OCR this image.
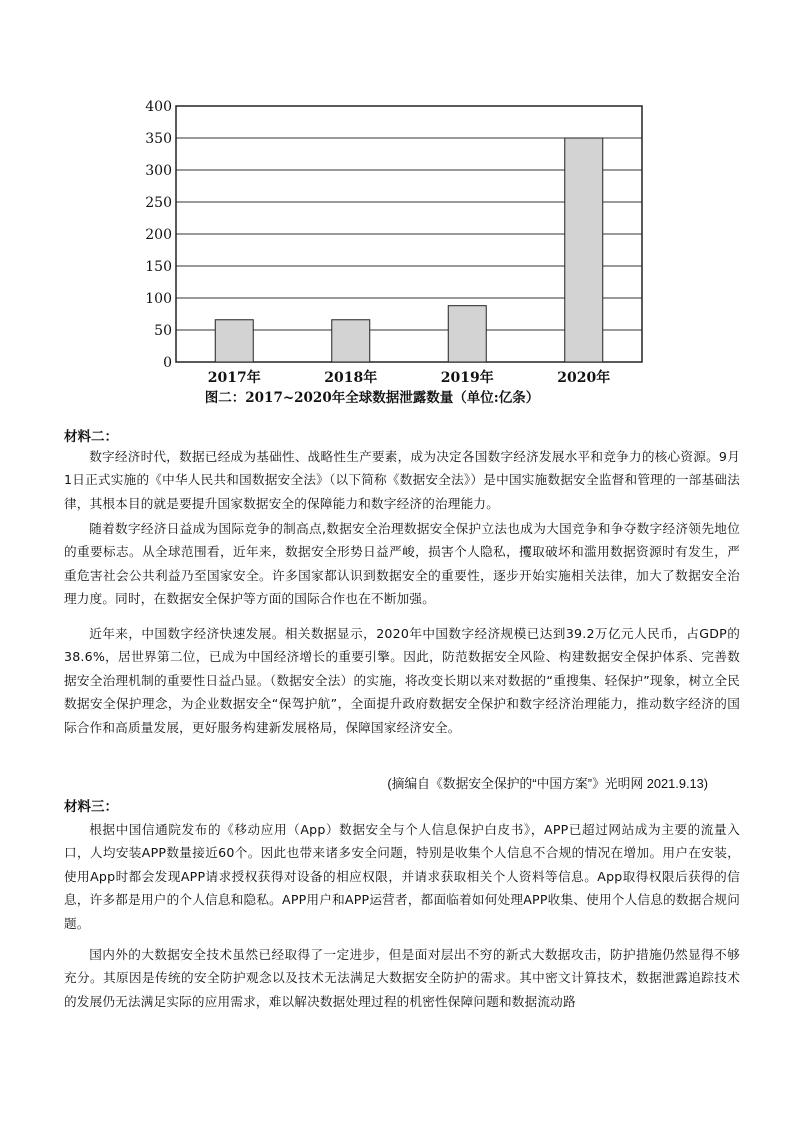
0
50
100
150
200
250
300
350
400
2017年	2018年	2019年	2020年
图二：2017~2020年全球数据泄露数量（单位:亿条）

材料二：

数字经济时代，数据已经成为基础性、战略性生产要素，成为决定各国数字经济发展水平和竞争力的核心资源。9月1日正式实施的《中华人民共和国数据安全法》（以下简称《数据安全法》）是中国实施数据安全监督和管理的一部基础法律，其根本目的就是要提升国家数据安全的保障能力和数字经济的治理能力。

随着数字经济日益成为国际竞争的制高点,数据安全治理数据安全保护立法也成为大国竞争和争夺数字经济领先地位的重要标志。从全球范围看，近年来，数据安全形势日益严峻，损害个人隐私，攫取破坏和滥用数据资源时有发生，严重危害社会公共利益乃至国家安全。许多国家都认识到数据安全的重要性，逐步开始实施相关法律，加大了数据安全治理力度。同时，在数据安全保护等方面的国际合作也在不断加强。

近年来，中国数字经济快速发展。相关数据显示，2020年中国数字经济规模已达到39.2万亿元人民币，占GDP的38.6%，居世界第二位，已成为中国经济增长的重要引擎。因此，防范数据安全风险、构建数据安全保护体系、完善数据安全治理机制的重要性日益凸显。（数据安全法）的实施，将改变长期以来对数据的“重搜集、轻保护”现象，树立全民数据安全保护理念，为企业数据安全“保驾护航”，全面提升政府数据安全保护和数字经济治理能力，推动数字经济的国际合作和高质量发展，更好服务构建新发展格局，保障国家经济安全。

(摘编自《数据安全保护的“中国方案”》光明网 2021.9.13)

材料三：

根据中国信通院发布的《移动应用（App）数据安全与个人信息保护白皮书》，APP已超过网站成为主要的流量入口，人均安装APP数量接近60个。因此也带来诸多安全问题，特别是收集个人信息不合规的情况在增加。用户在安装，使用App时都会发现APP请求授权获得对设备的相应权限，并请求获取相关个人资料等信息。App取得权限后获得的信息，许多都是用户的个人信息和隐私。APP用户和APP运营者，都面临着如何处理APP收集、使用个人信息的数据合规问题。

国内外的大数据安全技术虽然已经取得了一定进步，但是面对层出不穷的新式大数据攻击，防护措施仍然显得不够充分。其原因是传统的安全防护观念以及技术无法满足大数据安全防护的需求。其中密文计算技术，数据泄露追踪技术的发展仍无法满足实际的应用需求，难以解决数据处理过程的机密性保障问题和数据流动路
